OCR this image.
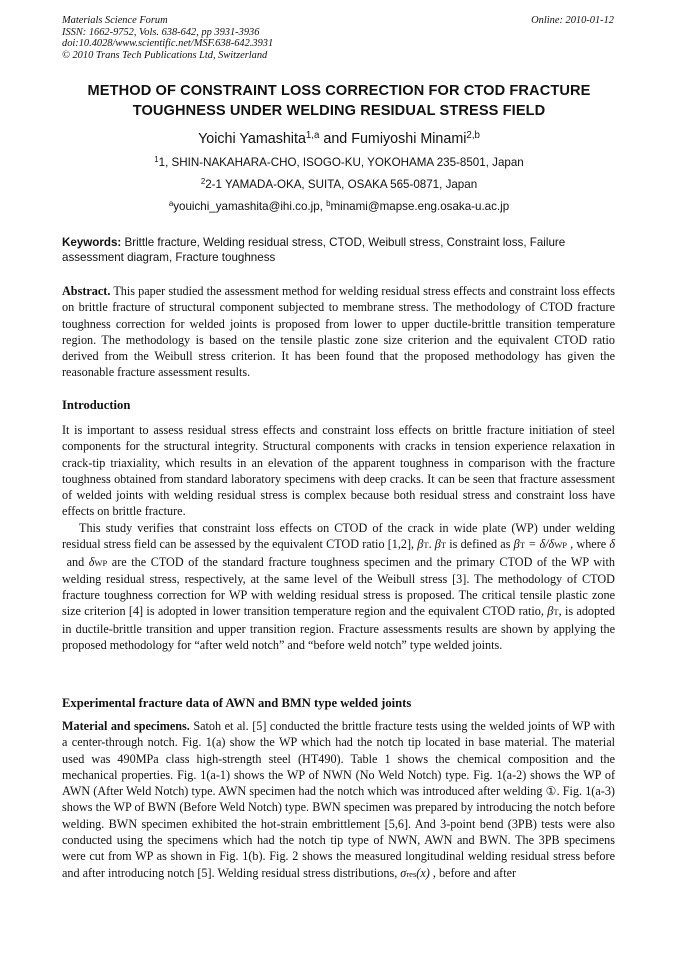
Materials Science Forum
ISSN: 1662-9752, Vols. 638-642, pp 3931-3936
doi:10.4028/www.scientific.net/MSF.638-642.3931
© 2010 Trans Tech Publications Ltd, Switzerland
Online: 2010-01-12
METHOD OF CONSTRAINT LOSS CORRECTION FOR CTOD FRACTURE
TOUGHNESS UNDER WELDING RESIDUAL STRESS FIELD
Yoichi Yamashita$^{1,a}$ and Fumiyoshi Minami$^{2,b}$
$^1$1, SHIN-NAKAHARA-CHO, ISOGO-KU, YOKOHAMA 235-8501, Japan
$^2$2-1 YAMADA-OKA, SUITA, OSAKA 565-0871, Japan
$^a$youichi_yamashita@ihi.co.jp, $^b$minami@mapse.eng.osaka-u.ac.jp
Keywords: Brittle fracture, Welding residual stress, CTOD, Weibull stress, Constraint loss, Failure assessment diagram, Fracture toughness
Abstract. This paper studied the assessment method for welding residual stress effects and constraint loss effects on brittle fracture of structural component subjected to membrane stress. The methodology of CTOD fracture toughness correction for welded joints is proposed from lower to upper ductile-brittle transition temperature region. The methodology is based on the tensile plastic zone size criterion and the equivalent CTOD ratio derived from the Weibull stress criterion. It has been found that the proposed methodology has given the reasonable fracture assessment results.
Introduction
It is important to assess residual stress effects and constraint loss effects on brittle fracture initiation of steel components for the structural integrity. Structural components with cracks in tension experience relaxation in crack-tip triaxiality, which results in an elevation of the apparent toughness in comparison with the fracture toughness obtained from standard laboratory specimens with deep cracks. It can be seen that fracture assessment of welded joints with welding residual stress is complex because both residual stress and constraint loss have effects on brittle fracture.
This study verifies that constraint loss effects on CTOD of the crack in wide plate (WP) under welding residual stress field can be assessed by the equivalent CTOD ratio [1,2], βT. βT is defined as βT = δ/δWP , where δ and δWP are the CTOD of the standard fracture toughness specimen and the primary CTOD of the WP with welding residual stress, respectively, at the same level of the Weibull stress [3]. The methodology of CTOD fracture toughness correction for WP with welding residual stress is proposed. The critical tensile plastic zone size criterion [4] is adopted in lower transition temperature region and the equivalent CTOD ratio, βT, is adopted in ductile-brittle transition and upper transition region. Fracture assessments results are shown by applying the proposed methodology for “after weld notch” and “before weld notch” type welded joints.
Experimental fracture data of AWN and BMN type welded joints
Material and specimens. Satoh et al. [5] conducted the brittle fracture tests using the welded joints of WP with a center-through notch. Fig. 1(a) show the WP which had the notch tip located in base material. The material used was 490MPa class high-strength steel (HT490). Table 1 shows the chemical composition and the mechanical properties. Fig. 1(a-1) shows the WP of NWN (No Weld Notch) type. Fig. 1(a-2) shows the WP of AWN (After Weld Notch) type. AWN specimen had the notch which was introduced after welding ①. Fig. 1(a-3) shows the WP of BWN (Before Weld Notch) type. BWN specimen was prepared by introducing the notch before welding. BWN specimen exhibited the hot-strain embrittlement [5,6]. And 3-point bend (3PB) tests were also conducted using the specimens which had the notch tip type of NWN, AWN and BWN. The 3PB specimens were cut from WP as shown in Fig. 1(b). Fig. 2 shows the measured longitudinal welding residual stress before and after introducing notch [5]. Welding residual stress distributions, σres(x) , before and after
